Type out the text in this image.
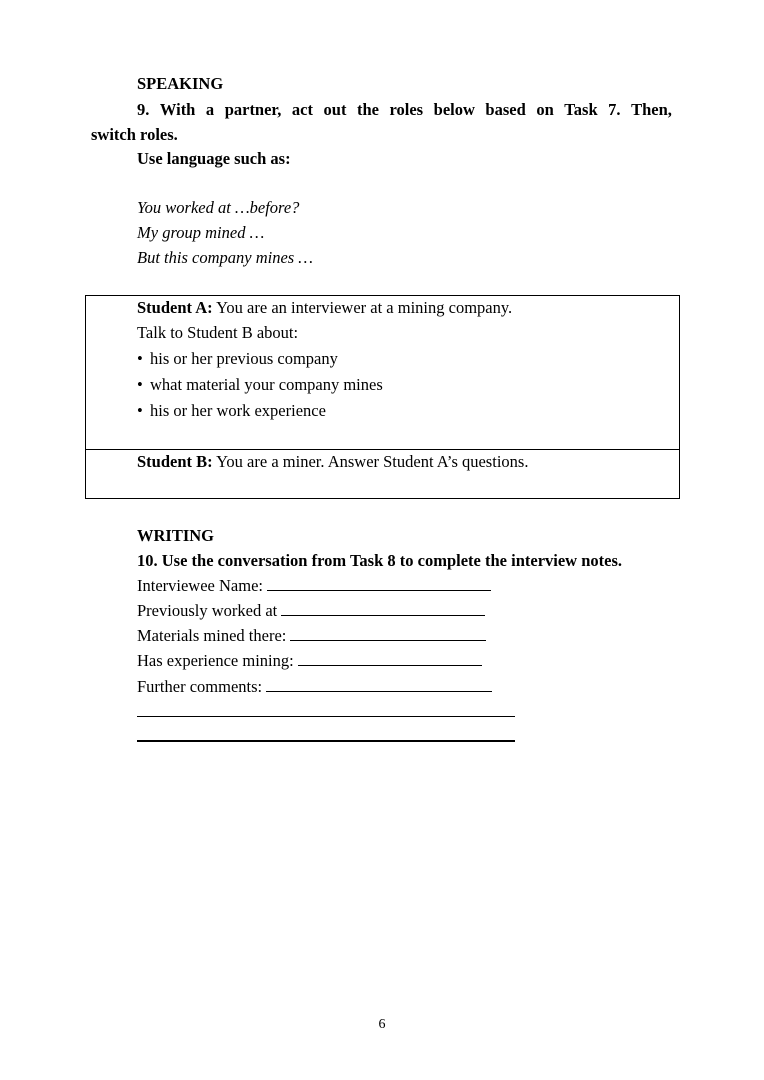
SPEAKING
9. With a partner, act out the roles below based on Task 7. Then,
switch roles.
Use language such as:
You worked at …before?
My group mined …
But this company mines …
Student A: You are an interviewer at a mining company.
Talk to Student B about:
• his or her previous company
• what material your company mines
• his or her work experience
Student B: You are a miner. Answer Student A’s questions.
WRITING
10. Use the conversation from Task 8 to complete the interview notes.
Interviewee Name:
Previously worked at
Materials mined there:
Has experience mining:
Further comments:
6
